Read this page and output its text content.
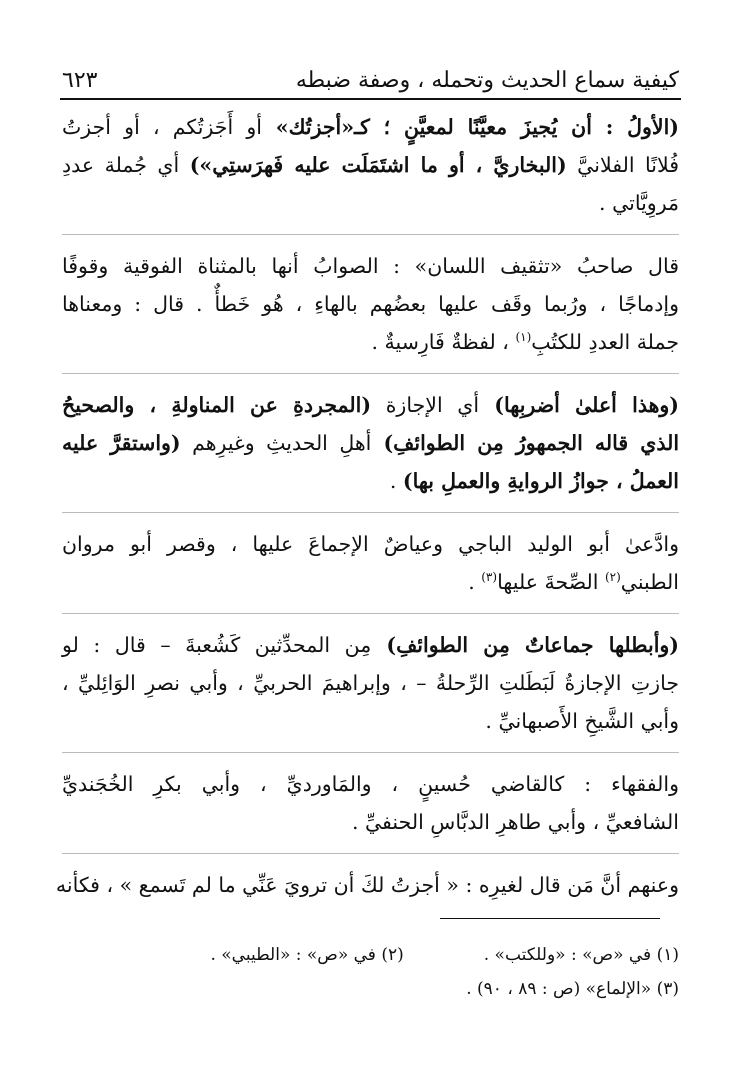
كيفية سماع الحديث وتحمله ، وصفة ضبطه
٦٢٣
(الأولُ : أن يُجيزَ معيَّنًا لمعيَّنٍ ؛ كـ«أجزتُك» أو أَجَزتُكم ، أو أجزتُ
فُلانًا الفلانيَّ (البخاريَّ ، أو ما اشتَمَلَت عليه فَهرَستِي») أي جُملة عددِ
مَروِيَّاتي .
قال صاحبُ «تثقيف اللسان» : الصوابُ أنها بالمثناة الفوقية وقوفًا
وإدماجًا ، ورُبما وقَف عليها بعضُهم بالهاءِ ، هُو خَطأٌ . قال : ومعناها
جملة العددِ للكتُبِ$^{(١)}$ ، لفظةٌ فَارِسيةٌ .
(وهذا أعلىٰ أضربِها) أي الإجازة (المجردةِ عن المناولةِ ، والصحيحُ
الذي قاله الجمهورُ مِن الطوائفِ) أهلِ الحديثِ وغيرِهم (واستقرَّ عليه
العملُ ، جوازُ الروايةِ والعملِ بها) .
وادَّعىٰ أبو الوليد الباجي وعياضٌ الإجماعَ عليها ، وقصر أبو مروان
الطبني$^{(٢)}$ الصِّحةَ عليها$^{(٣)}$ .
(وأبطلها جماعاتٌ مِن الطوائفِ) مِن المحدِّثين كَشُعبةَ – قال : لو
جازتِ الإجازةُ لَبَطَلتِ الرِّحلةُ – ، وإبراهيمَ الحربيِّ ، وأبي نصرِ الوَائِليِّ ،
وأبي الشَّيخِ الأَصبهانيِّ .
والفقهاء : كالقاضي حُسينٍ ، والمَاورديِّ ، وأبي بكرِ الخُجَنديِّ
الشافعيِّ ، وأبي طاهرِ الدبَّاسِ الحنفيِّ .
وعنهم أنَّ مَن قال لغيرِه : « أجزتُ لكَ أن ترويَ عَنِّي ما لم تَسمع » ، فكأنه
(١) في «ص» : «وللكتب» .
(٢) في «ص» : «الطيبي» .
(٣) «الإلماع» (ص : ٨٩ ، ٩٠) .
